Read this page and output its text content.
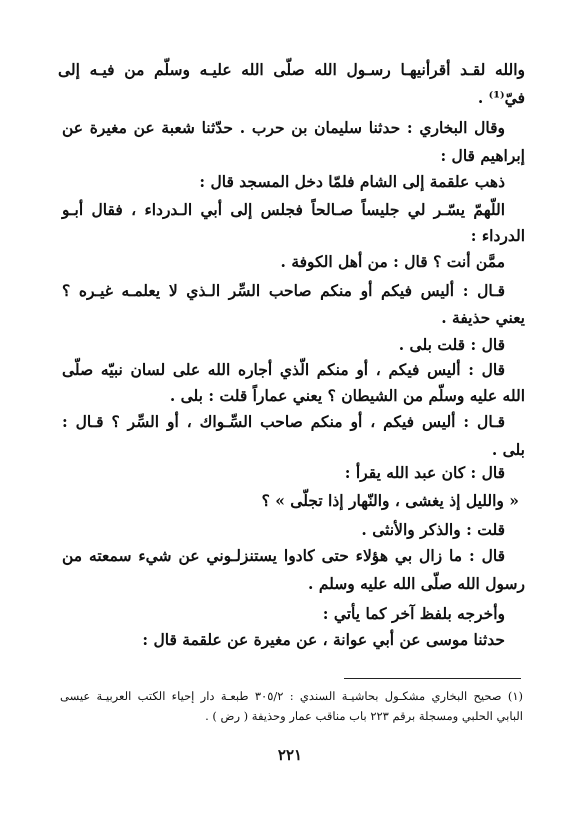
والله لقـد أقرأنيهـا رسـول الله صلّى الله عليـه وسلّم من فيـه إلى
فيّ⁽¹⁾ .
وقال البخاري : حدثنا سليمان بن حرب . حدّثنا شعبة عن مغيرة عن
إبراهيم قال :
ذهب علقمة إلى الشام فلمّا دخل المسجد قال :
اللّهمّ يسّـر لي جليساً صـالحاً فجلس إلى أبي الـدرداء ، فقال أبـو
الدرداء :
ممَّن أنت ؟ قال : من أهل الكوفة .
قـال : أليس فيكم أو منكم صاحب السِّر الـذي لا يعلمـه غيـره ؟
يعني حذيفة .
قال : قلت بلى .
قال : أليس فيكم ، أو منكم الّذي أجاره الله على لسان نبيّه صلّى
الله عليه وسلّم من الشيطان ؟ يعني عماراً قلت : بلى .
قـال : أليس فيكم ، أو منكم صاحب السِّـواك ، أو السِّر ؟ قـال :
بلى .
قال : كان عبد الله يقرأ :
« والليل إذ يغشى ، والنّهار إذا تجلّى » ؟
قلت : والذكر والأنثى .
قال : ما زال بي هؤلاء حتى كادوا يستنزلـوني عن شيء سمعته من
رسول الله صلّى الله عليه وسلم .
وأخرجه بلفظ آخر كما يأتي :
حدثنا موسى عن أبي عوانة ، عن مغيرة عن علقمة قال :
(١) صحيح البخاري مشكـول بحاشيـة السندي : ٣٠٥/٢ طبعـة دار إحياء الكتب العربيـة عيسى
البابي الحلبي ومسجلة برقم ٢٢٣ باب مناقب عمار وحذيفة ( رض ) .
٢٢١
